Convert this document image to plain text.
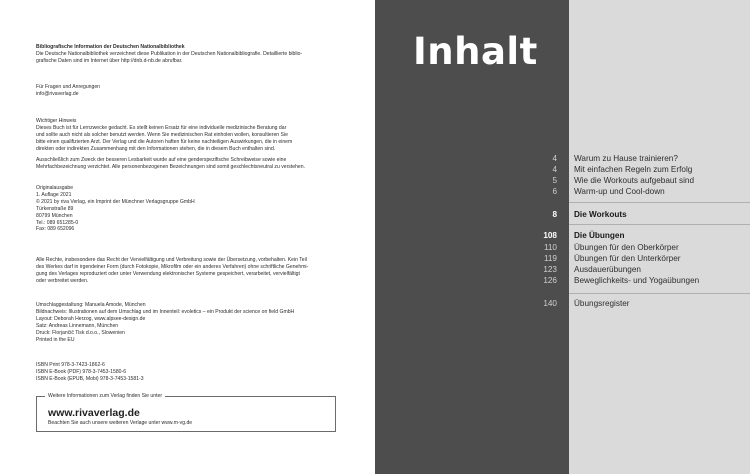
Bibliografische Information der Deutschen Nationalbibliothek

Die Deutsche Nationalbibliothek verzeichnet diese Publikation in der Deutschen Nationalbibliografie. Detaillierte biblio-

grafische Daten sind im Internet über http://dnb.d-nb.de abrufbar.

Für Fragen und Anregungen

info@rivaverlag.de

Wichtiger Hinweis

Dieses Buch ist für Lernzwecke gedacht. Es stellt keinen Ersatz für eine individuelle medizinische Beratung dar

und sollte auch nicht als solcher benutzt werden. Wenn Sie medizinischen Rat einholen wollen, konsultieren Sie

bitte einen qualifizierten Arzt. Der Verlag und die Autoren haften für keine nachteiligen Auswirkungen, die in einem

direkten oder indirekten Zusammenhang mit den Informationen stehen, die in diesem Buch enthalten sind.

Ausschließlich zum Zweck der besseren Lesbarkeit wurde auf eine genderspezifische Schreibweise sowie eine

Mehrfachbezeichnung verzichtet. Alle personenbezogenen Bezeichnungen sind somit geschlechtsneutral zu verstehen.

Originalausgabe

1. Auflage 2021

© 2021 by riva Verlag, ein Imprint der Münchner Verlagsgruppe GmbH

Türkenstraße 89

80799 München

Tel.: 089 651285-0

Fax: 089 652096

Alle Rechte, insbesondere das Recht der Vervielfältigung und Verbreitung sowie der Übersetzung, vorbehalten. Kein Teil

des Werkes darf in irgendeiner Form (durch Fotokopie, Mikrofilm oder ein anderes Verfahren) ohne schriftliche Genehmi-

gung des Verlages reproduziert oder unter Verwendung elektronischer Systeme gespeichert, verarbeitet, vervielfältigt

oder verbreitet werden.

Umschlaggestaltung: Manuela Amode, München

Bildnachweis: Illustrationen auf dem Umschlag und im Innenteil: evoletics – ein Produkt der science on field GmbH

Layout: Deborah Herzog, www.alpsee-design.de

Satz: Andreas Linnemann, München

Druck: Florjančič Tisk d.o.o., Slowenien

Printed in the EU

ISBN Print 978-3-7423-1862-6

ISBN E-Book (PDF) 978-3-7453-1580-6

ISBN E-Book (EPUB, Mobi) 978-3-7453-1581-3

Weitere Informationen zum Verlag finden Sie unter
www.rivaverlag.de
Beachten Sie auch unsere weiteren Verlage unter www.m-vg.de
Inhalt
4 Warum zu Hause trainieren?
4 Mit einfachen Regeln zum Erfolg
5 Wie die Workouts aufgebaut sind
6 Warm-up und Cool-down
8 Die Workouts
108 Die Übungen
110 Übungen für den Oberkörper
119 Übungen für den Unterkörper
123 Ausdauerübungen
126 Beweglichkeits- und Yogaübungen
140 Übungsregister
